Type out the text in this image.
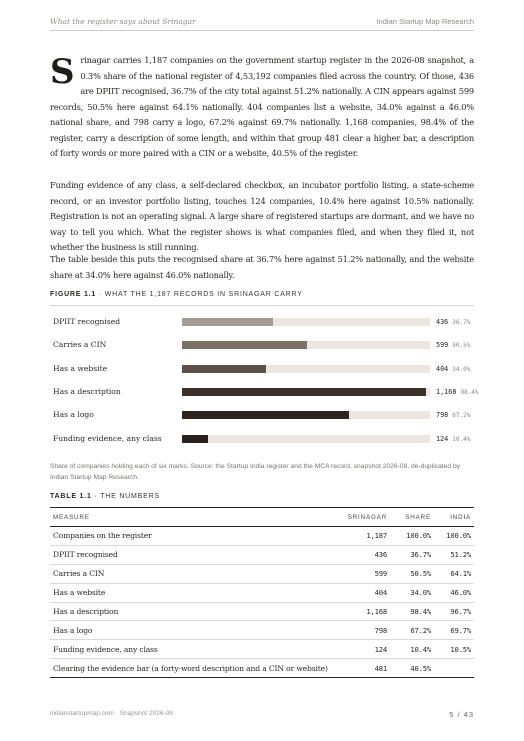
What the register says about Srinagar	Indian Startup Map Research

Srinagar carries 1,187 companies on the government startup register in the 2026-08 snapshot, a 0.3% share of the national register of 4,53,192 companies filed across the country. Of those, 436 are DPIIT recognised, 36.7% of the city total against 51.2% nationally. A CIN appears against 599 records, 50.5% here against 64.1% nationally. 404 companies list a website, 34.0% against a 46.0% national share, and 798 carry a logo, 67.2% against 69.7% nationally. 1,168 companies, 98.4% of the register, carry a description of some length, and within that group 481 clear a higher bar, a description of forty words or more paired with a CIN or a website, 40.5% of the register.

Funding evidence of any class, a self-declared checkbox, an incubator portfolio listing, a state-scheme record, or an investor portfolio listing, touches 124 companies, 10.4% here against 10.5% nationally. Registration is not an operating signal. A large share of registered startups are dormant, and we have no way to tell you which. What the register shows is what companies filed, and when they filed it, not whether the business is still running.

The table beside this puts the recognised share at 36.7% here against 51.2% nationally, and the website share at 34.0% here against 46.0% nationally.

FIGURE 1.1 · WHAT THE 1,187 RECORDS IN SRINAGAR CARRY
DPIIT recognised	436 36.7%
Carries a CIN	599 50.5%
Has a website	404 34.0%
Has a description	1,168 98.4%
Has a logo	798 67.2%
Funding evidence, any class	124 10.4%

Share of companies holding each of six marks. Source: the Startup India register and the MCA record, snapshot 2026-08, de-duplicated by Indian Startup Map Research.

TABLE 1.1 · THE NUMBERS
MEASURE	SRINAGAR	SHARE	INDIA
Companies on the register	1,187	100.0%	100.0%
DPIIT recognised	436	36.7%	51.2%
Carries a CIN	599	50.5%	64.1%
Has a website	404	34.0%	46.0%
Has a description	1,168	98.4%	96.7%
Has a logo	798	67.2%	69.7%
Funding evidence, any class	124	10.4%	10.5%
Clearing the evidence bar (a forty-word description and a CIN or website)	481	40.5%	
indianstartupmap.com · Snapshot 2026-08	5 / 43
